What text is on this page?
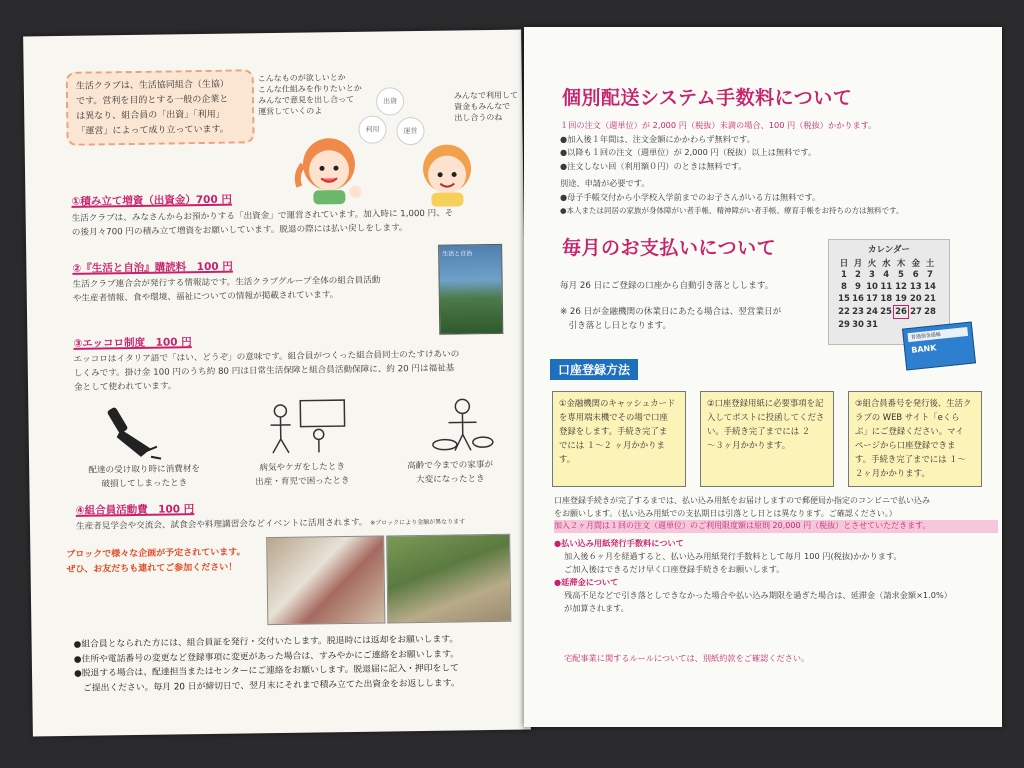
生活クラブは、生活協同組合（生協）
です。営利を目的とする一般の企業と
は異なり、組合員の「出資」「利用」
「運営」によって成り立っています。
こんなものが欲しいとか
こんな仕組みを作りたいとか
みんなで意見を出し合って
運営していくのよ
出資
利用	運営
みんなで利用して
資金もみんなで
出し合うのね
①積み立て増資（出資金）700 円
生活クラブは、みなさんからお預かりする「出資金」で運営されています。加入時に 1,000 円、そ
の後月々700 円の積み立て増資をお願いしています。脱退の際には払い戻しをします。
②『生活と自治』購読料　100 円
生活クラブ連合会が発行する情報誌です。生活クラブグループ全体の組合員活動
や生産者情報、食や環境、福祉についての情報が掲載されています。
生活と自治
③エッコロ制度　100 円
エッコロはイタリア語で「はい、どうぞ」の意味です。組合員がつくった組合員同士のたすけあいの
しくみです。掛け金 100 円のうち約 80 円は日常生活保障と組合員活動保障に、約 20 円は福祉基
金として使われています。
配達の受け取り時に消費材を
破損してしまったとき
病気やケガをしたとき
出産・育児で困ったとき
高齢で今までの家事が
大変になったとき
④組合員活動費　100 円
生産者見学会や交流会、試食会や料理講習会などイベントに活用されます。 ※ブロックにより金額が異なります
ブロックで様々な企画が予定されています。
ぜひ、お友だちも連れてご参加ください！
●組合員となられた方には、組合員証を発行・交付いたします。脱退時には返却をお願いします。
●住所や電話番号の変更など登録事項に変更があった場合は、すみやかにご連絡をお願いします。
●脱退する場合は、配達担当またはセンターにご連絡をお願いします。脱退届に記入・押印をして
　ご提出ください。毎月 20 日が締切日で、翌月末にそれまで積み立てた出資金をお返しします。
個別配送システム手数料について
１回の注文（週単位）が 2,000 円（税抜）未満の場合、100 円（税抜）かかります。
●加入後１年間は、注文金額にかかわらず無料です。
●以降も１回の注文（週単位）が 2,000 円（税抜）以上は無料です。
●注文しない回（利用額０円）のときは無料です。
別途、申請が必要です。
●母子手帳交付から小学校入学前までのお子さんがいる方は無料です。
●本人または同居の家族が身体障がい者手帳、精神障がい者手帳、療育手帳をお持ちの方は無料です。
毎月のお支払いについて
毎月 26 日にご登録の口座から自動引き落としします。
※ 26 日が金融機関の休業日にあたる場合は、翌営業日が
　引き落とし日となります。
カレンダー
日	月	火	水	木	金	土
1	2	3	4	5	6	7
8	9	10	11	12	13	14
15	16	17	18	19	20	21
22	23	24	25	26	27	28
29	30	31				
普通預金通帳
BANK
口座登録方法
①金融機関のキャッシュカード
を専用端末機でその場で口座
登録をします。手続き完了ま
でには １〜２ ヶ月かかりま
す。
②口座登録用紙に必要事項を記
入してポストに投函してくださ
い。手続き完了までには ２
〜３ヶ月かかります。
③組合員番号を発行後、生活ク
ラブの WEB サイト「eくら
ぶ」にご登録ください。マイ
ページから口座登録できま
す。手続き完了までには １〜
２ヶ月かかります。
口座登録手続きが完了するまでは、払い込み用紙をお届けしますので郵便局か指定のコンビニで払い込み
をお願いします。（払い込み用紙での支払期日は引落とし日とは異なります。ご確認ください。）
加入２ヶ月間は１回の注文（週単位）のご利用限度額は原則 20,000 円（税抜）とさせていただきます。
● 払い込み用紙発行手数料について
加入後６ヶ月を経過すると、払い込み用紙発行手数料として毎月 100 円(税抜)かかります。
ご加入後はできるだけ早く口座登録手続きをお願いします。
● 延滞金について
残高不足などで引き落としできなかった場合や払い込み期限を過ぎた場合は、延滞金（請求金額×1.0%）
が加算されます。
宅配事業に関するルールについては、別紙約款をご確認ください。
